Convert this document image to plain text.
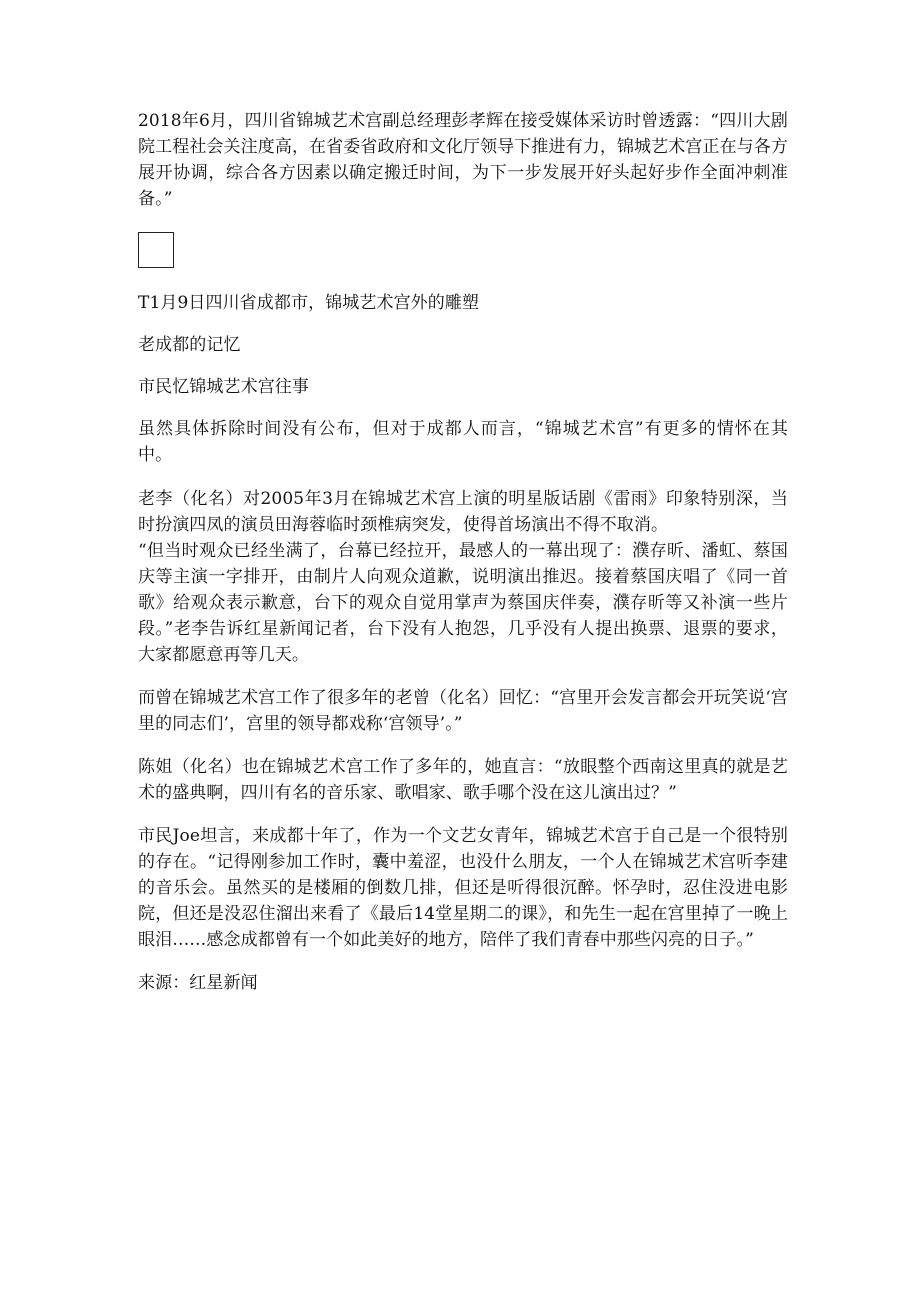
2018年6月，四川省锦城艺术宫副总经理彭孝辉在接受媒体采访时曾透露：“四川大剧院工程社会关注度高，在省委省政府和文化厅领导下推进有力，锦城艺术宫正在与各方展开协调，综合各方因素以确定搬迁时间，为下一步发展开好头起好步作全面冲刺准备。”

T1月9日四川省成都市，锦城艺术宫外的雕塑

老成都的记忆

市民忆锦城艺术宫往事

虽然具体拆除时间没有公布，但对于成都人而言，“锦城艺术宫”有更多的情怀在其中。

老李（化名）对2005年3月在锦城艺术宫上演的明星版话剧《雷雨》印象特别深，当时扮演四凤的演员田海蓉临时颈椎病突发，使得首场演出不得不取消。

“但当时观众已经坐满了，台幕已经拉开，最感人的一幕出现了：濮存昕、潘虹、蔡国庆等主演一字排开，由制片人向观众道歉，说明演出推迟。接着蔡国庆唱了《同一首歌》给观众表示歉意，台下的观众自觉用掌声为蔡国庆伴奏，濮存昕等又补演一些片段。”老李告诉红星新闻记者，台下没有人抱怨，几乎没有人提出换票、退票的要求，大家都愿意再等几天。

而曾在锦城艺术宫工作了很多年的老曾（化名）回忆：“宫里开会发言都会开玩笑说‘宫里的同志们’，宫里的领导都戏称‘宫领导’。”

陈姐（化名）也在锦城艺术宫工作了多年的，她直言：“放眼整个西南这里真的就是艺术的盛典啊，四川有名的音乐家、歌唱家、歌手哪个没在这儿演出过？”

市民Joe坦言，来成都十年了，作为一个文艺女青年，锦城艺术宫于自己是一个很特别的存在。“记得刚参加工作时，囊中羞涩，也没什么朋友，一个人在锦城艺术宫听李建的音乐会。虽然买的是楼厢的倒数几排，但还是听得很沉醉。怀孕时，忍住没进电影院，但还是没忍住溜出来看了《最后14堂星期二的课》，和先生一起在宫里掉了一晚上眼泪……感念成都曾有一个如此美好的地方，陪伴了我们青春中那些闪亮的日子。”

来源：红星新闻
